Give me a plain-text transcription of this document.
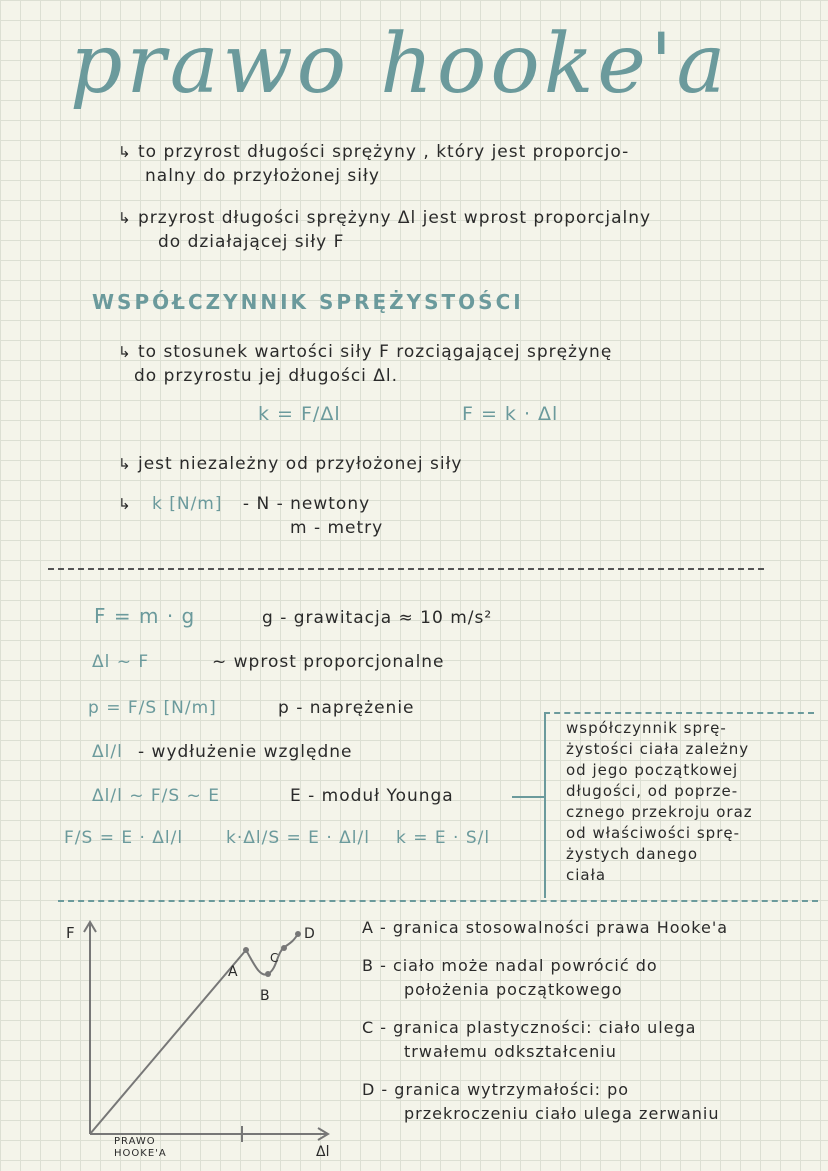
prawo hooke'a
↳ to przyrost długości sprężyny , który jest proporcjo-
nalny do przyłożonej siły
↳ przyrost długości sprężyny Δl jest wprost proporcjalny
do działającej siły F
WSPÓŁCZYNNIK SPRĘŻYSTOŚCI
↳ to stosunek wartości siły F rozciągającej sprężynę
do przyrostu jej długości Δl.
k = F/Δl	F = k · Δl
↳ jest niezależny od przyłożonej siły
↳ k [N/m] - N - newtony
m - metry
F = m · g	g - grawitacja ≈ 10 m/s²
Δl ~ F	~ wprost proporcjonalne
p = F/S [N/m]	p - naprężenie
Δl/l - wydłużenie względne
Δl/l ~ F/S ~ E	E - moduł Younga
F/S = E · Δl/l	k·Δl/S = E · Δl/l k = E · S/l
współczynnik sprę-
żystości ciała zależny
od jego początkowej
długości, od poprze-
cznego przekroju oraz
od właściwości sprę-
żystych danego
ciała
F
Δl
PRAWO
HOOKE'A
A
B
C
D	A - granica stosowalności prawa Hooke'a
B - ciało może nadal powrócić do
położenia początkowego
C - granica plastyczności: ciało ulega
trwałemu odkształceniu
D - granica wytrzymałości: po
przekroczeniu ciało ulega zerwaniu
